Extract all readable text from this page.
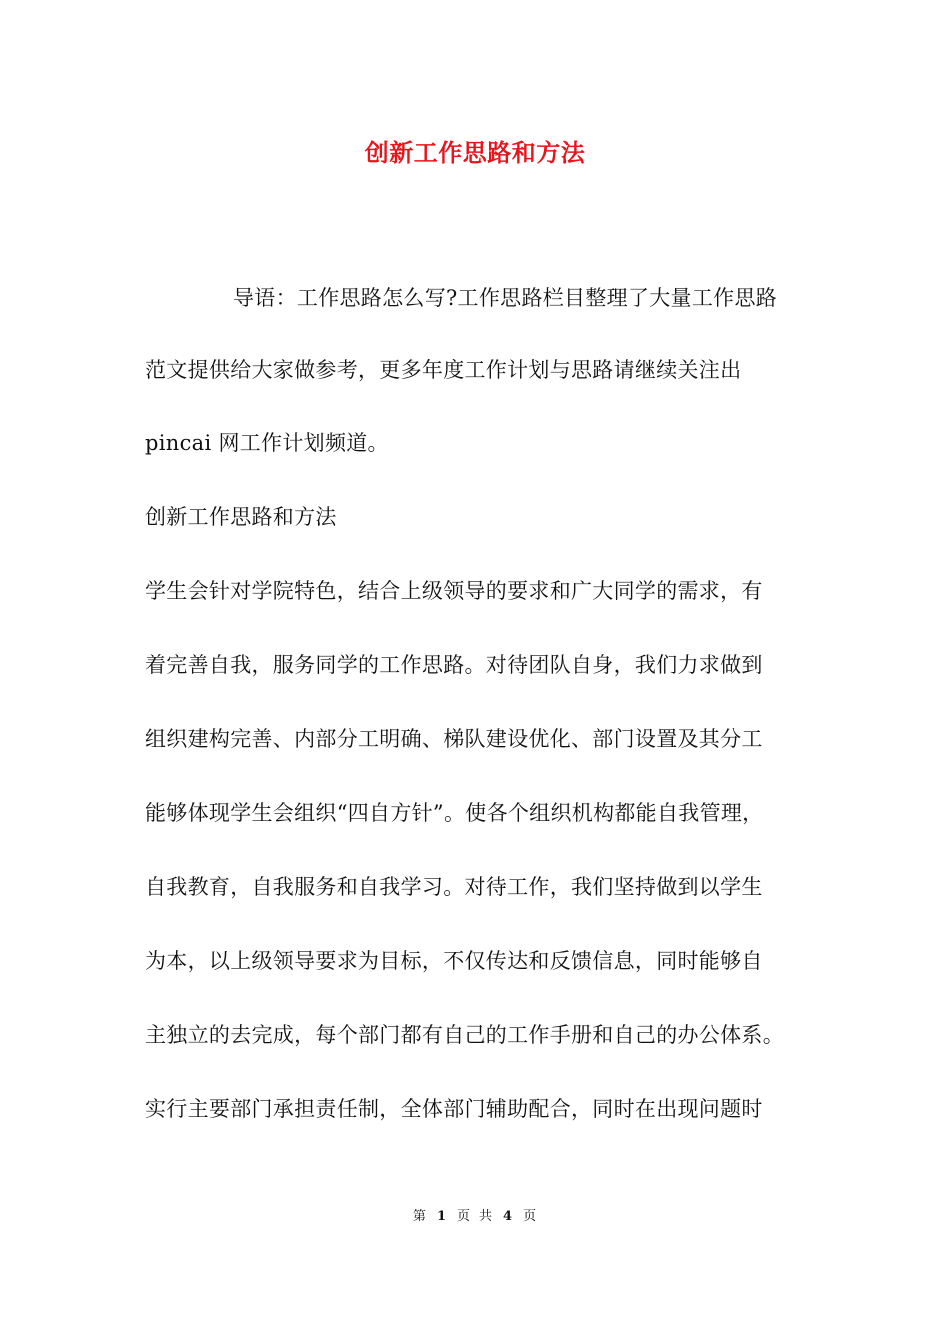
创新工作思路和方法
导语：工作思路怎么写?工作思路栏目整理了大量工作思路
范文提供给大家做参考，更多年度工作计划与思路请继续关注出
pincai 网工作计划频道。
创新工作思路和方法
学生会针对学院特色，结合上级领导的要求和广大同学的需求，有
着完善自我，服务同学的工作思路。对待团队自身，我们力求做到
组织建构完善、内部分工明确、梯队建设优化、部门设置及其分工
能够体现学生会组织“四自方针”。使各个组织机构都能自我管理，
自我教育，自我服务和自我学习。对待工作，我们坚持做到以学生
为本，以上级领导要求为目标，不仅传达和反馈信息，同时能够自
主独立的去完成，每个部门都有自己的工作手册和自己的办公体系。
实行主要部门承担责任制，全体部门辅助配合，同时在出现问题时
第 1 页 共 4 页
